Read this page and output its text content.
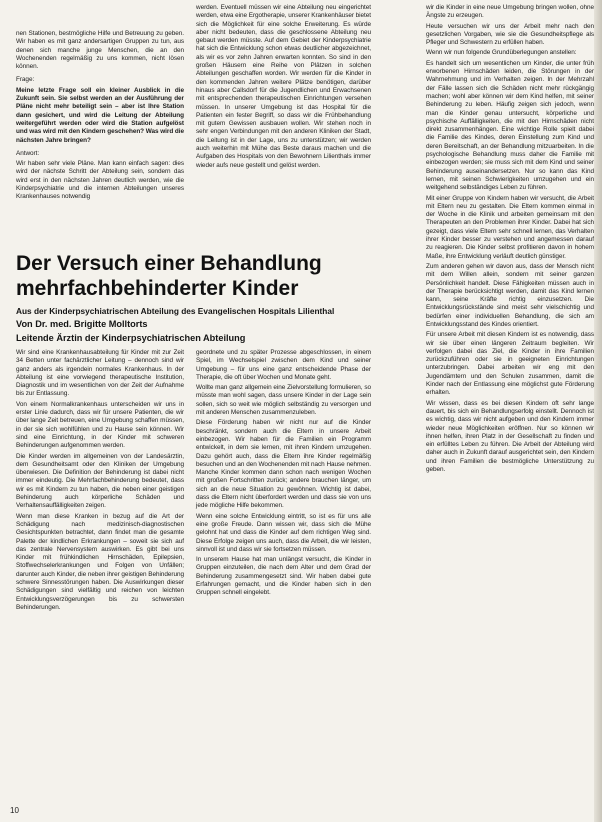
nen Stationen, bestmögliche Hilfe und Betreuung zu geben. Wir haben es mit ganz andersartigen Gruppen zu tun, aus denen sich manche junge Menschen, die an den Wochenenden regelmäßig zu uns kommen, nicht lösen können.

Frage:

Meine letzte Frage soll ein kleiner Ausblick in die Zukunft sein. Sie selbst werden an der Ausführung der Pläne nicht mehr beteiligt sein – aber ist Ihre Station dann gesichert, und wird die Leitung der Abteilung weitergeführt werden oder wird die Station aufgelöst und was wird mit den Kindern geschehen? Was wird die nächsten Jahre bringen?

Antwort:

Wir haben sehr viele Pläne. Man kann einfach sagen: dies wird der nächste Schritt der Abteilung sein, sondern das wird erst in den nächsten Jahren deutlich werden, wie die Kinderpsychiatrie und die internen Abteilungen unseres Krankenhauses notwendig

werden. Eventuell müssen wir eine Abteilung neu eingerichtet werden, etwa eine Ergotherapie, unserer Krankenhäuser bietet sich die Möglichkeit für eine solche Erweiterung. Es würde aber nicht bedeuten, dass die geschlossene Abteilung neu gebaut werden müsste. Auf dem Gebiet der Kinderpsychiatrie hat sich die Entwicklung schon etwas deutlicher abgezeichnet, als wir es vor zehn Jahren erwarten konnten. So sind in den großen Häusern eine Reihe von Plätzen in solchen Abteilungen geschaffen worden. Wir werden für die Kinder in den kommenden Jahren weitere Plätze benötigen, darüber hinaus aber Callsdorf für die Jugendlichen und Erwachsenen mit entsprechenden therapeutischen Einrichtungen versehen müssen. In unserer Umgebung ist das Hospital für die Patienten ein fester Begriff, so dass wir die Frühbehandlung mit gutem Gewissen ausbauen wollen. Wir stehen noch in sehr engen Verbindungen mit den anderen Kliniken der Stadt, die Leitung ist in der Lage, uns zu unterstützen; wir werden auch weiterhin mit Mühe das Beste daraus machen und die Aufgaben des Hospitals von den Bewohnern Lilienthals immer wieder aufs neue gestellt und gelöst werden.

wir die Kinder in eine neue Umgebung bringen wollen, ohne Ängste zu erzeugen.

Heute versuchen wir uns der Arbeit mehr nach den gesetzlichen Vorgaben, wie sie die Gesundheitspflege als Pfleger und Schwestern zu erfüllen haben.

Wenn wir nun folgende Grundüberlegungen anstellen:

Es handelt sich um wesentlichen um Kinder, die unter früh erworbenen Hirnschäden leiden, die Störungen in der Wahrnehmung und im Verhalten zeigen. In der Mehrzahl der Fälle lassen sich die Schäden nicht mehr rückgängig machen; wohl aber können wir dem Kind helfen, mit seiner Behinderung zu leben. Häufig zeigen sich jedoch, wenn man die Kinder genau untersucht, körperliche und psychische Auffälligkeiten, die mit den Hirnschäden nicht direkt zusammenhängen. Eine wichtige Rolle spielt dabei die Familie des Kindes, deren Einstellung zum Kind und deren Bereitschaft, an der Behandlung mitzuarbeiten. In die psychologische Behandlung muss daher die Familie mit einbezogen werden; sie muss sich mit dem Kind und seiner Behinderung auseinandersetzen. Nur so kann das Kind lernen, mit seinen Schwierigkeiten umzugehen und ein weitgehend selbständiges Leben zu führen.

Mit einer Gruppe von Kindern haben wir versucht, die Arbeit mit Eltern neu zu gestalten. Die Eltern kommen einmal in der Woche in die Klinik und arbeiten gemeinsam mit den Therapeuten an den Problemen ihrer Kinder. Dabei hat sich gezeigt, dass viele Eltern sehr schnell lernen, das Verhalten ihrer Kinder besser zu verstehen und angemessen darauf zu reagieren. Die Kinder selbst profitieren davon in hohem Maße, ihre Entwicklung verläuft deutlich günstiger.

Zum anderen gehen wir davon aus, dass der Mensch nicht mit dem Willen allein, sondern mit seiner ganzen Persönlichkeit handelt. Diese Fähigkeiten müssen auch in der Therapie berücksichtigt werden, damit das Kind lernen kann, seine Kräfte richtig einzusetzen. Die Entwicklungsrückstände sind meist sehr vielschichtig und bedürfen einer individuellen Behandlung, die sich am Entwicklungsstand des Kindes orientiert.

Für unsere Arbeit mit diesen Kindern ist es notwendig, dass wir sie über einen längeren Zeitraum begleiten. Wir verfolgen dabei das Ziel, die Kinder in ihre Familien zurückzuführen oder sie in geeigneten Einrichtungen unterzubringen. Dabei arbeiten wir eng mit den Jugendämtern und den Schulen zusammen, damit die Kinder nach der Entlassung eine möglichst gute Förderung erhalten.

Wir wissen, dass es bei diesen Kindern oft sehr lange dauert, bis sich ein Behandlungserfolg einstellt. Dennoch ist es wichtig, dass wir nicht aufgeben und den Kindern immer wieder neue Möglichkeiten eröffnen. Nur so können wir ihnen helfen, ihren Platz in der Gesellschaft zu finden und ein erfülltes Leben zu führen. Die Arbeit der Abteilung wird daher auch in Zukunft darauf ausgerichtet sein, den Kindern und ihren Familien die bestmögliche Unterstützung zu geben.

Der Versuch einer Behandlung mehrfachbehinderter Kinder

Aus der Kinderpsychiatrischen Abteilung des Evangelischen Hospitals Lilienthal

Von Dr. med. Brigitte Molltorts

Leitende Ärztin der Kinderpsychiatrischen Abteilung

Wir sind eine Krankenhausabteilung für Kinder mit zur Zeit 34 Betten unter fachärztlicher Leitung – dennoch sind wir ganz anders als irgendein normales Krankenhaus. In der Abteilung ist eine vorwiegend therapeutische Institution, Diagnostik und im wesentlichen von der Zeit der Aufnahme bis zur Entlassung.

Von einem Normalkrankenhaus unterscheiden wir uns in erster Linie dadurch, dass wir für unsere Patienten, die wir über lange Zeit betreuen, eine Umgebung schaffen müssen, in der sie sich wohlfühlen und zu Hause sein können. Wir sind eine Einrichtung, in der Kinder mit schweren Behinderungen aufgenommen werden.

Die Kinder werden im allgemeinen von der Landesärztin, dem Gesundheitsamt oder den Kliniken der Umgebung überwiesen. Die Definition der Behinderung ist dabei nicht immer eindeutig. Die Mehrfachbehinderung bedeutet, dass wir es mit Kindern zu tun haben, die neben einer geistigen Behinderung auch körperliche Schäden und Verhaltensauffälligkeiten zeigen.

Wenn man diese Kranken in bezug auf die Art der Schädigung nach medizinisch-diagnostischen Gesichtspunkten betrachtet, dann findet man die gesamte Palette der kindlichen Erkrankungen – soweit sie sich auf das zentrale Nervensystem auswirken. Es gibt bei uns Kinder mit frühkindlichen Hirnschäden, Epilepsien, Stoffwechselerkrankungen und Folgen von Unfällen; darunter auch Kinder, die neben ihrer geistigen Behinderung schwere Sinnesstörungen haben. Die Auswirkungen dieser Schädigungen sind vielfältig und reichen von leichten Entwicklungsverzögerungen bis zu schwersten Behinderungen.

geordnete und zu später Prozesse abgeschlossen, in einem Spiel, im Wechselspiel zwischen dem Kind und seiner Umgebung – für uns eine ganz entscheidende Phase der Therapie, die oft über Wochen und Monate geht.

Wollte man ganz allgemein eine Zielvorstellung formulieren, so müsste man wohl sagen, dass unsere Kinder in der Lage sein sollen, sich so weit wie möglich selbständig zu versorgen und mit anderen Menschen zusammenzuleben.

Diese Förderung haben wir nicht nur auf die Kinder beschränkt, sondern auch die Eltern in unsere Arbeit einbezogen. Wir haben für die Familien ein Programm entwickelt, in dem sie lernen, mit ihren Kindern umzugehen. Dazu gehört auch, dass die Eltern ihre Kinder regelmäßig besuchen und an den Wochenenden mit nach Hause nehmen. Manche Kinder kommen dann schon nach wenigen Wochen mit großen Fortschritten zurück; andere brauchen länger, um sich an die neue Situation zu gewöhnen. Wichtig ist dabei, dass die Eltern nicht überfordert werden und dass sie von uns jede mögliche Hilfe bekommen.

Wenn eine solche Entwicklung eintritt, so ist es für uns alle eine große Freude. Dann wissen wir, dass sich die Mühe gelohnt hat und dass die Kinder auf dem richtigen Weg sind. Diese Erfolge zeigen uns auch, dass die Arbeit, die wir leisten, sinnvoll ist und dass wir sie fortsetzen müssen.

In unserem Hause hat man unlängst versucht, die Kinder in Gruppen einzuteilen, die nach dem Alter und dem Grad der Behinderung zusammengesetzt sind. Wir haben dabei gute Erfahrungen gemacht, und die Kinder haben sich in den Gruppen schnell eingelebt.

10
